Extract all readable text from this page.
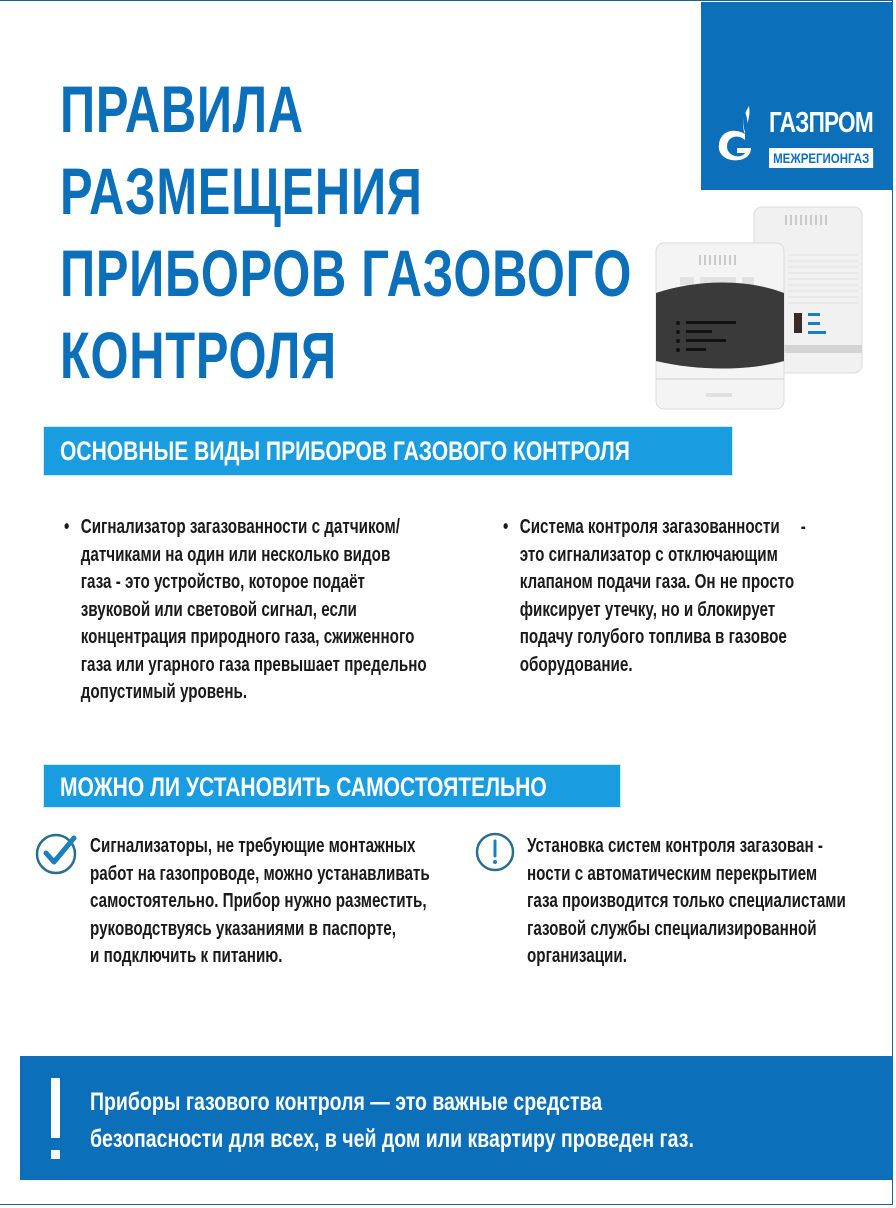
ГАЗПРОМ
МЕЖРЕГИОНГАЗ
ПРАВИЛА
РАЗМЕЩЕНИЯ
ПРИБОРОВ ГАЗОВОГО
КОНТРОЛЯ
ОСНОВНЫЕ ВИДЫ ПРИБОРОВ ГАЗОВОГО КОНТРОЛЯ
• Сигнализатор загазованности с датчиком/
датчиками на один или несколько видов
газа - это устройство, которое подаёт
звуковой или световой сигнал, если
концентрация природного газа, сжиженного
газа или угарного газа превышает предельно
допустимый уровень.
• Система контроля загазованности     -
это сигнализатор с отключающим
клапаном подачи газа. Он не просто
фиксирует утечку, но и блокирует
подачу голубого топлива в газовое
оборудование.
МОЖНО ЛИ УСТАНОВИТЬ САМОСТОЯТЕЛЬНО
Сигнализаторы, не требующие монтажных
работ на газопроводе, можно устанавливать
самостоятельно. Прибор нужно разместить,
руководствуясь указаниями в паспорте,
и подключить к питанию.
Установка систем контроля загазован -
ности с автоматическим перекрытием
газа производится только специалистами
газовой службы специализированной
организации.

Приборы газового контроля — это важные средства
безопасности для всех, в чей дом или квартиру проведен газ.
